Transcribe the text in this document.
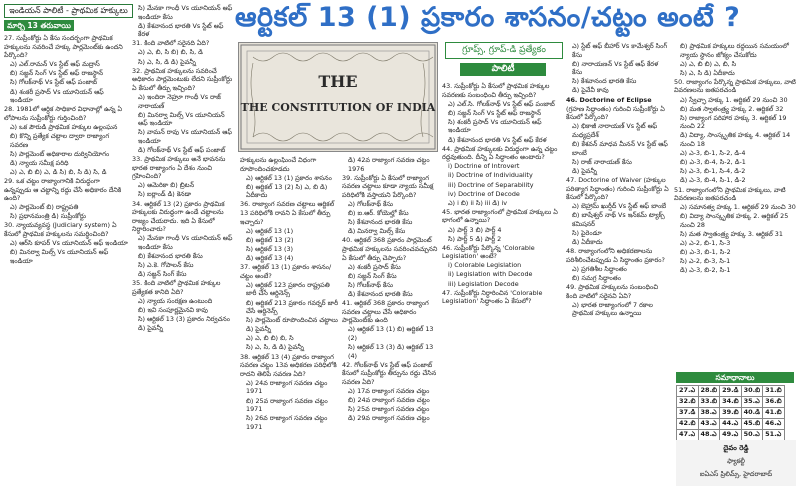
ఇండియన్ పాలిటీ - ప్రాథమిక హక్కులు
మార్చి 13 తరువాయి	ఆర్టికల్ 13 (1) ప్రకారం శాసనం/చట్టం అంటే ?
THE
THE CONSTITUTION OF INDIA
గ్రూప్స్, గ్రూప్-డి ప్రత్యేకం
పాలిటీ

27. సుప్రీంకోర్టు ఏ కేసు సందర్భంగా ప్రాథమిక హక్కులను సవరించే హక్కు పార్లమెంట్‌కు ఉందని పేర్కొంది?

ఎ) ఎల్.రామన్ Vs స్టేట్ ఆఫ్ మద్రాస్

బి) సజ్జన్ సింగ్ Vs స్టేట్ ఆఫ్ రాజస్థాన్

సి) గోలక్‌నాథ్ Vs స్టేట్ ఆఫ్ పంజాబ్

డి) శంకరీ ప్రసాద్ Vs యూనియన్ ఆఫ్ ఇండియా

28. 1981లో ఆర్ధిక సాధికార విధానాల్లో ఉన్న ఏ లోపాలను సుప్రీంకోర్టు గుర్తించింది?

ఎ) ఒక పౌరుడి ప్రాథమిక హక్కుల ఉల్లంఘన

బి) కొన్ని ప్రత్యేక చట్టాల ద్వారా రాజ్యాంగ సవరణ

సి) పార్లమెంట్ అధికారాల దుర్వినియోగం

డి) న్యాయ సమీక్ష పరిధి

ఎ) ఎ, బి బి) ఎ, డి సి) బి, సి డి) సి, డి

29. ఒక చట్టం రాజ్యాంగానికి విరుద్ధంగా ఉన్నప్పుడు ఆ చట్టాన్ని రద్దు చేసే అధికారం దేనికి ఉంది?

ఎ) పార్లమెంట్ బి) రాష్ట్రపతి

సి) ప్రధానమంత్రి డి) సుప్రీంకోర్టు

30. న్యాయవ్యవస్థ (Judiciary system) ఏ కేసులో ప్రాథమిక హక్కులను సమర్థించింది?

ఎ) ఆర్‌సి కూపర్ Vs యూనియన్ ఆఫ్ ఇండియా

బి) మినర్వా మిల్స్ Vs యూనియన్ ఆఫ్ ఇండియా

సి) మేనకా గాంధీ Vs యూనియన్ ఆఫ్ ఇండియా కేసు

డి) కేశవానంద భారతి Vs స్టేట్ ఆఫ్ కేరళ

31. కింది వాటిలో సరైనది ఏది?

ఎ) ఎ, బి, సి బి) బి, సి, డి

సి) ఎ, సి, డి డి) పైవన్నీ

32. ప్రాథమిక హక్కులను సవరించే అధికారం పార్లమెంటుకు లేదని సుప్రీంకోర్టు ఏ కేసులో తీర్పు ఇచ్చింది?

ఎ) ఇందిరా నెహ్రూ గాంధీ Vs రాజ్ నారాయణ్

బి) మినర్వా మిల్స్ Vs యూనియన్ ఆఫ్ ఇండియా

సి) వామన్ రావు Vs యూనియన్ ఆఫ్ ఇండియా

డి) గోలక్‌నాథ్ Vs స్టేట్ ఆఫ్ పంజాబ్

33. ప్రాథమిక హక్కులు అనే భావనను భారత రాజ్యాంగం ఏ దేశం నుంచి గ్రహించింది?

ఎ) అమెరికా బి) బ్రిటన్

సి) ఐర్లాండ్ డి) కెనడా

34. ఆర్టికల్ 13 (2) ప్రకారం ప్రాథమిక హక్కులకు విరుద్ధంగా ఉండే చట్టాలను రాజ్యం చేయరాదు. ఇది ఏ కేసులో నిర్ధారించారు?

ఎ) మేనకా గాంధీ Vs యూనియన్ ఆఫ్ ఇండియా కేసు

బి) కేశవానంద భారతి కేసు

సి) ఎ.కె. గోపాలన్ కేసు

డి) సజ్జన్ సింగ్ కేసు

35. కింది వాటిలో ప్రాథమిక హక్కుల ప్రత్యేకత కానిది ఏది?

ఎ) న్యాయ సంరక్షణ ఉంటుంది

బి) ఇవి సంపూర్ణమైనవి కావు

సి) ఆర్టికల్ 13 (3) ప్రకారం నిర్వచనం

డి) పైవన్నీ

హక్కులను ఉల్లంఘించే విధంగా రూపొందించకూడదు

ఎ) ఆర్టికల్ 13 (1) ప్రకారం శాసనం

బి) ఆర్టికల్ 13 (2) సి) ఎ, బి డి) ఏదీకాదు

36. రాజ్యాంగ సవరణ చట్టాలు ఆర్టికల్ 13 పరిధిలోకి రావని ఏ కేసులో తీర్పు ఇచ్చారు?

ఎ) ఆర్టికల్ 13 (1)

బి) ఆర్టికల్ 13 (2)

సి) ఆర్టికల్ 13 (3)

డి) ఆర్టికల్ 13 (4)

37. ఆర్టికల్ 13 (1) ప్రకారం శాసనం/చట్టం అంటే?

ఎ) ఆర్టికల్ 123 ప్రకారం రాష్ట్రపతి జారీ చేసే ఆర్డినెన్స్

బి) ఆర్టికల్ 213 ప్రకారం గవర్నర్ జారీ చేసే ఆర్డినెన్స్

సి) పార్లమెంట్ రూపొందించిన చట్టాలు

డి) పైవన్నీ

ఎ) ఎ, బి బి) బి, సి

సి) ఎ, సి, డి డి) పైవన్నీ

38. ఆర్టికల్ 13 (4) ప్రకారం రాజ్యాంగ సవరణ చట్టం 13వ అధికరణ పరిధిలోకి రాదని తెలిపే సవరణ ఏది?

ఎ) 24వ రాజ్యాంగ సవరణ చట్టం 1971

బి) 25వ రాజ్యాంగ సవరణ చట్టం 1971

సి) 26వ రాజ్యాంగ సవరణ చట్టం 1971

డి) 42వ రాజ్యాంగ సవరణ చట్టం 1976

39. సుప్రీంకోర్టు ఏ కేసులో రాజ్యాంగ సవరణ చట్టాలు కూడా న్యాయ సమీక్ష పరిధిలోకి వస్తాయని పేర్కొంది?

ఎ) గోలక్‌నాథ్ కేసు

బి) ఐ.ఆర్. కోయెల్హో కేసు

సి) కేశవానంద భారతి కేసు

డి) మినర్వా మిల్స్ కేసు

40. ఆర్టికల్ 368 ప్రకారం పార్లమెంట్ ప్రాథమిక హక్కులను సవరించవచ్చునని ఏ కేసులో తీర్పు చెప్పారు?

ఎ) శంకరీ ప్రసాద్ కేసు

బి) సజ్జన్ సింగ్ కేసు

సి) గోలక్‌నాథ్ కేసు

డి) కేశవానంద భారతి కేసు

41. ఆర్టికల్ 368 ప్రకారం రాజ్యాంగ సవరణ చట్టాలు చేసే అధికారం పార్లమెంట్‌కు ఉంది

ఎ) ఆర్టికల్ 13 (1) బి) ఆర్టికల్ 13 (2)

సి) ఆర్టికల్ 13 (3) డి) ఆర్టికల్ 13 (4)

42. గోలక్‌నాథ్ Vs స్టేట్ ఆఫ్ పంజాబ్ కేసులో సుప్రీంకోర్టు తీర్పును రద్దు చేసిన సవరణ ఏది?

ఎ) 17వ రాజ్యాంగ సవరణ చట్టం

బి) 24వ రాజ్యాంగ సవరణ చట్టం

సి) 25వ రాజ్యాంగ సవరణ చట్టం

డి) 29వ రాజ్యాంగ సవరణ చట్టం

43. సుప్రీంకోర్టు ఏ కేసులో ప్రాథమిక హక్కుల సవరణకు సంబంధించి తీర్పు ఇచ్చింది?

ఎ) ఎల్.సి. గోలక్‌నాథ్ Vs స్టేట్ ఆఫ్ పంజాబ్

బి) సజ్జన్ సింగ్ Vs స్టేట్ ఆఫ్ రాజస్థాన్

సి) శంకరీ ప్రసాద్ Vs యూనియన్ ఆఫ్ ఇండియా

డి) కేశవానంద భారతి Vs స్టేట్ ఆఫ్ కేరళ

44. ప్రాథమిక హక్కులకు విరుద్ధంగా ఉన్న చట్టం రద్దవుతుంది. దీన్ని ఏ సిద్ధాంతం అంటారు?

i) Doctrine of Introvert

ii) Doctrine of Individuality

iii) Doctrine of Separability

iv) Doctrine of Decode

ఎ) i బి) ii సి) iii డి) iv

45. భారత రాజ్యాంగంలో ప్రాథమిక హక్కులు ఏ భాగంలో ఉన్నాయి?

ఎ) పార్ట్ 3 బి) పార్ట్ 4

సి) పార్ట్ 5 డి) పార్ట్ 2

46. సుప్రీంకోర్టు పేర్కొన్న 'Colorable Legislation' అంటే?

i) Colorable Legislation

ii) Legislation with Decode

iii) Legislation Decode

47. సుప్రీంకోర్టు నిర్ధారించిన 'Colorable Legislation' సిద్ధాంతం ఏ కేసులో?

ఎ) స్టేట్ ఆఫ్ బీహార్ Vs కామేశ్వర్ సింగ్ కేసు

బి) నారాయణన్ Vs స్టేట్ ఆఫ్ కేరళ కేసు

సి) కేశవానంద భారతి కేసు

డి) పైవేవీ కావు

46. Doctorine of Eclipse

(గ్రహణ సిద్ధాంతం) గురించి సుప్రీంకోర్టు ఏ కేసులో పేర్కొంది?

ఎ) భికాజీ నారాయణ్ Vs స్టేట్ ఆఫ్ మధ్యప్రదేశ్

బి) కేశవన్ మాధవ మీనన్ Vs స్టేట్ ఆఫ్ బాంబే

సి) రాజ్ నారాయణ్ కేసు

డి) పైవన్నీ

47. Doctorine of Waiver (హక్కుల పరిత్యాగ సిద్ధాంతం) గురించి సుప్రీంకోర్టు ఏ కేసులో పేర్కొంది?

ఎ) బెహ్రామ్ ఖుర్షీద్ Vs స్టేట్ ఆఫ్ బాంబే

బి) బాషేశ్వర్ నాథ్ Vs ఇన్‌కమ్ ట్యాక్స్ కమిషనర్

సి) పైరెండూ

డి) ఏదీకాదు

48. రాజ్యాంగంలోని అధికరణాలను పరిశీలించేటప్పుడు ఏ సిద్ధాంతం ప్రకారం?

ఎ) ప్రగతిశీల సిద్ధాంతం

బి) సమగ్ర సిద్ధాంతం

49. ప్రాథమిక హక్కులను సంబంధించి కింది వాటిలో సరైనవి ఏవి?

ఎ) భారత రాజ్యాంగంలో 7 రకాల ప్రాథమిక హక్కులు ఉన్నాయి

బి) ప్రాథమిక హక్కులు రద్దయిన సమయంలో న్యాయ స్థానం జోక్యం చేసుకోదు

ఎ) ఎ, బి బి) ఎ, బి, సి

సి) ఎ, సి డి) ఏదీకాదు

50. రాజ్యాంగం పేర్కొన్న ప్రాథమిక హక్కులు, వాటి వివరణలను జతపరచండి

ఎ) స్వేచ్ఛా హక్కు 1. ఆర్టికల్ 29 నుంచి 30

బి) మత స్వాతంత్ర్య హక్కు 2. ఆర్టికల్ 32

సి) రాజ్యాంగ పరిహార హక్కు 3. ఆర్టికల్ 19 నుంచి 22

డి) విద్యా, సాంస్కృతిక హక్కు 4. ఆర్టికల్ 14 నుంచి 18

ఎ) ఎ-3, బి-1, సి-2, డి-4

బి) ఎ-3, బి-4, సి-2, డి-1

సి) ఎ-3, బి-1, సి-4, డి-2

డి) ఎ-3, బి-4, సి-1, డి-2

51. రాజ్యాంగంలోని ప్రాథమిక హక్కులు, వాటి వివరణలను జతపరచండి

ఎ) సమానత్వ హక్కు 1. ఆర్టికల్ 29 నుంచి 30

బి) విద్యా సాంస్కృతిక హక్కు 2. ఆర్టికల్ 25 నుంచి 28

సి) మత స్వాతంత్ర్య హక్కు 3. ఆర్టికల్ 31

ఎ) ఎ-2, బి-1, సి-3

బి) ఎ-3, బి-1, సి-2

సి) ఎ-2, బి-3, సి-1

డి) ఎ-3, బి-2, సి-1

సమాధానాలు
27.ఎ	28.బి	29.డి	30.బి	31.బి
32.బి	33.బి	34.బి	35.ఎ	36.బి
37.డి	38.ఎ	39.బి	40.డి	41.బి
42.బి	43.ఎ	44.ఎ	45.బి	46.ఎ
47.ఎ	48.ఎ	49.ఎ	50.ఎ	51.ఎ
దైవం రెడ్డి
ఫ్యాకల్టీ
ఐఏఎస్ ప్రిలిమ్స్, హైదరాబాద్
